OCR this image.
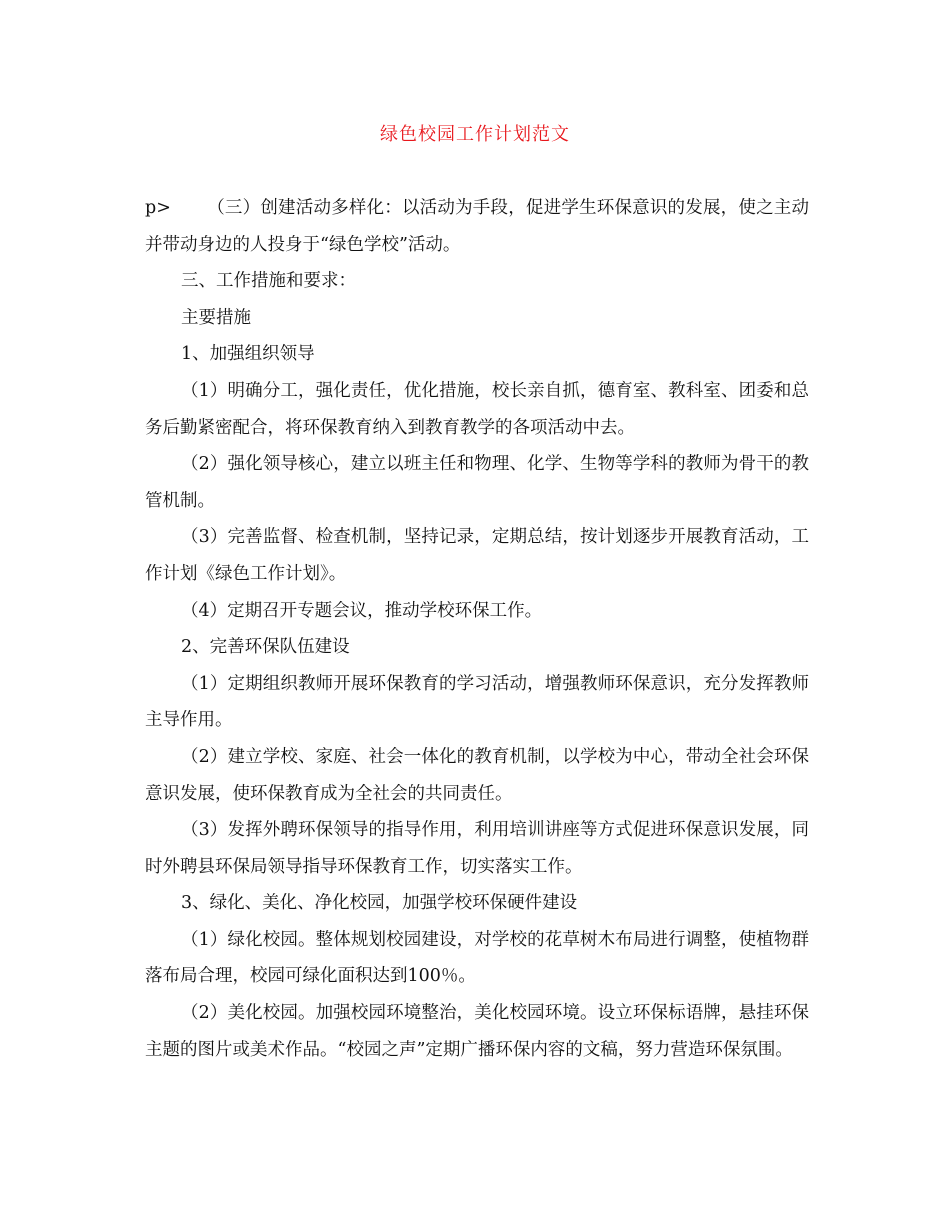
绿色校园工作计划范文

p> （三）创建活动多样化：以活动为手段，促进学生环保意识的发展，使之主动并带动身边的人投身于“绿色学校”活动。

三、工作措施和要求：

主要措施

1、加强组织领导

（1）明确分工，强化责任，优化措施，校长亲自抓，德育室、教科室、团委和总务后勤紧密配合，将环保教育纳入到教育教学的各项活动中去。

（2）强化领导核心，建立以班主任和物理、化学、生物等学科的教师为骨干的教管机制。

（3）完善监督、检查机制，坚持记录，定期总结，按计划逐步开展教育活动，工作计划《绿色工作计划》。

（4）定期召开专题会议，推动学校环保工作。

2、完善环保队伍建设

（1）定期组织教师开展环保教育的学习活动，增强教师环保意识，充分发挥教师主导作用。

（2）建立学校、家庭、社会一体化的教育机制，以学校为中心，带动全社会环保意识发展，使环保教育成为全社会的共同责任。

（3）发挥外聘环保领导的指导作用，利用培训讲座等方式促进环保意识发展，同时外聘县环保局领导指导环保教育工作，切实落实工作。

3、绿化、美化、净化校园，加强学校环保硬件建设

（1）绿化校园。整体规划校园建设，对学校的花草树木布局进行调整，使植物群落布局合理，校园可绿化面积达到100％。

（2）美化校园。加强校园环境整治，美化校园环境。设立环保标语牌，悬挂环保主题的图片或美术作品。“校园之声”定期广播环保内容的文稿，努力营造环保氛围。
